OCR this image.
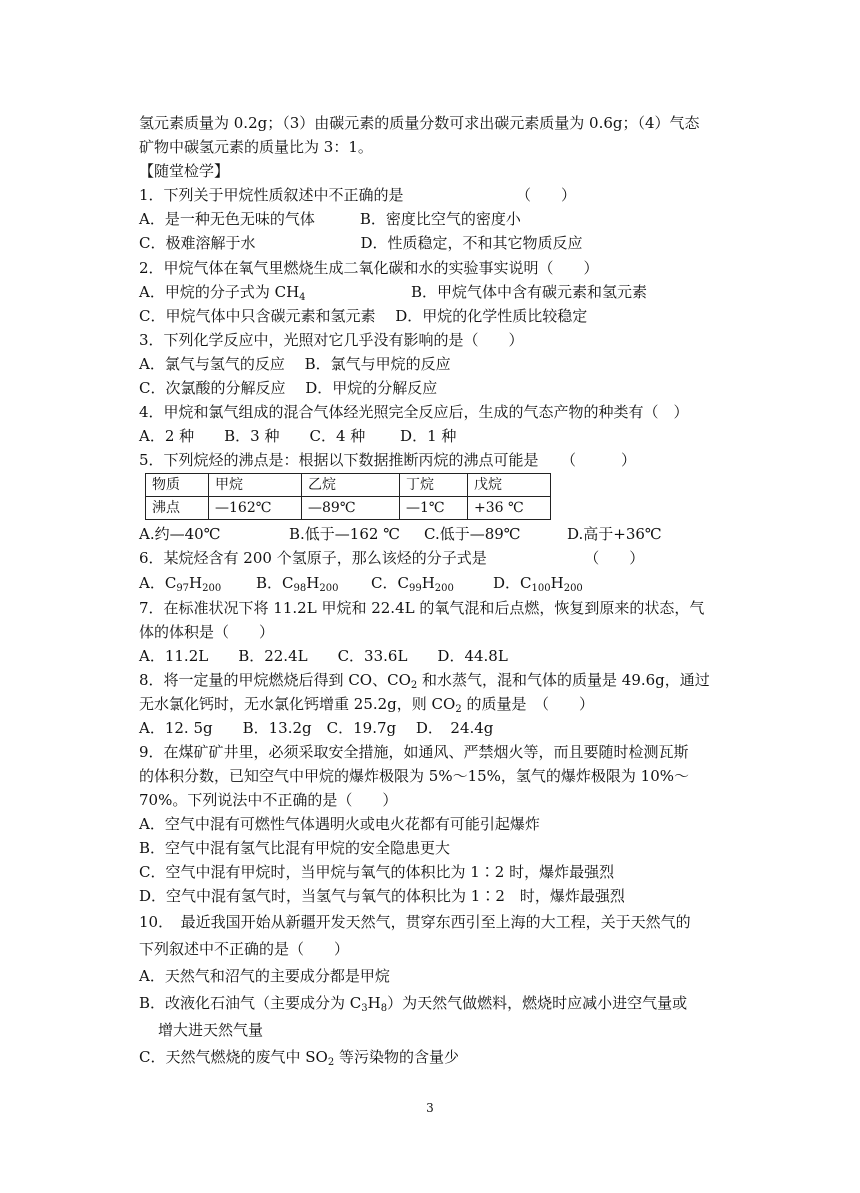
氢元素质量为 0.2g；（3）由碳元素的质量分数可求出碳元素质量为 0.6g；（4）气态
矿物中碳氢元素的质量比为 3：1。
【随堂检学】
1．下列关于甲烷性质叙述中不正确的是　　　　　　　　（　　）
A．是一种无色无味的气体　　　B．密度比空气的密度小
C．极难溶解于水　　　　　　　D．性质稳定，不和其它物质反应
2．甲烷气体在氧气里燃烧生成二氧化碳和水的实验事实说明（　　）
A．甲烷的分子式为 $CH_4$	B．甲烷气体中含有碳元素和氢元素
C．甲烷气体中只含碳元素和氢元素　 D．甲烷的化学性质比较稳定
3．下列化学反应中，光照对它几乎没有影响的是（　　）
A．氯气与氢气的反应　 B．氯气与甲烷的反应
C．次氯酸的分解反应　 D．甲烷的分解反应
4．甲烷和氯气组成的混合气体经光照完全反应后，生成的气态产物的种类有（　）
A．2 种　　B．3 种　　C．4 种　　 D．1 种
5．下列烷烃的沸点是：根据以下数据推断丙烷的沸点可能是　　（　　　）
物质	甲烷	乙烷	丁烷	戊烷
沸点	—162℃	—89℃	—1℃	+36 ℃
A.约—40℃	B.低于—162 ℃ C.低于—89℃	D.高于+36℃
6．某烷烃含有 200 个氢原子，那么该烃的分子式是　　　　　　　（　　）
A．$C_{97}H_{200}$ B．$C_{98}H_{200}$ C．$C_{99}H_{200}$	D．$C_{100}H_{200}$
7．在标准状况下将 11.2L 甲烷和 22.4L 的氧气混和后点燃，恢复到原来的状态，气
体的体积是（　　）
A．11.2L　　B．22.4L　　C．33.6L　　D．44.8L
8．将一定量的甲烷燃烧后得到 CO、$CO_2$ 和水蒸气，混和气体的质量是 49.6g，通过
无水氯化钙时，无水氯化钙增重 25.2g，则 $CO_2$ 的质量是　（　　）
A．12. 5g　　B．13.2g　C．19.7g　 D．　24.4g
9．在煤矿矿井里，必须采取安全措施，如通风、严禁烟火等，而且要随时检测瓦斯
的体积分数，已知空气中甲烷的爆炸极限为 5%～15%，氢气的爆炸极限为 10%～
70%。下列说法中不正确的是（　　）
A．空气中混有可燃性气体遇明火或电火花都有可能引起爆炸
B．空气中混有氢气比混有甲烷的安全隐患更大
C．空气中混有甲烷时，当甲烷与氧气的体积比为 1∶2 时，爆炸最强烈
D．空气中混有氢气时，当氢气与氧气的体积比为 1∶2　时，爆炸最强烈
10．　最近我国开始从新疆开发天然气，贯穿东西引至上海的大工程，关于天然气的
下列叙述中不正确的是（　　）
A．天然气和沼气的主要成分都是甲烷
B．改液化石油气（主要成分为 $C_3H_8$）为天然气做燃料，燃烧时应减小进空气量或
增大进天然气量
C．天然气燃烧的废气中 $SO_2$ 等污染物的含量少
3
